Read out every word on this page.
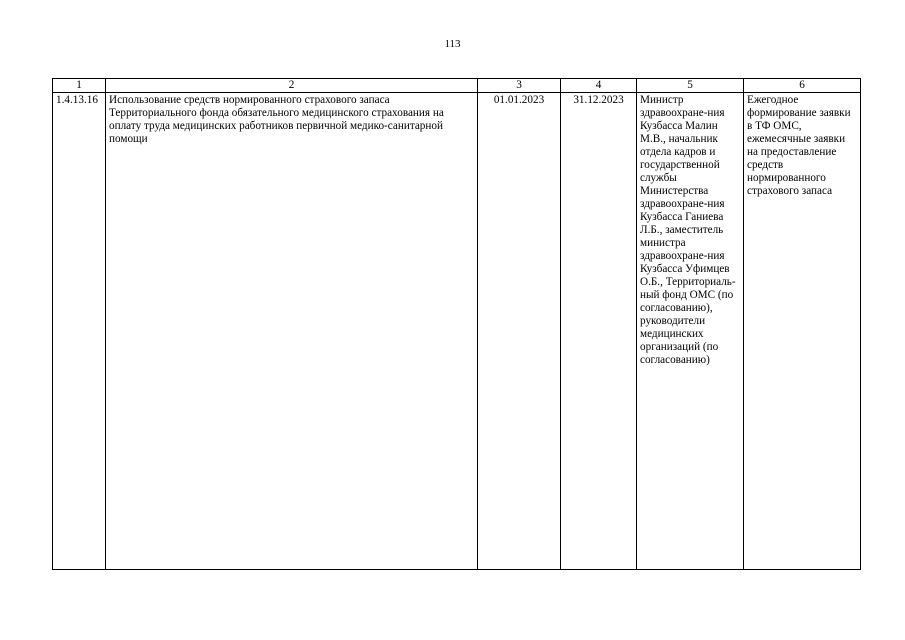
113
1	2	3	4	5	6
1.4.13.16	Использование средств нормированного страхового запаса Территориального фонда обязательного медицинского страхования на оплату труда медицинских работников первичной медико-санитарной помощи	01.01.2023	31.12.2023	Министр здравоохране-ния Кузбасса Малин М.В., начальник отдела кадров и государственной службы Министерства здравоохране-ния Кузбасса Ганиева Л.Б., заместитель министра здравоохране-ния Кузбасса Уфимцев О.Б., Территориаль-ный фонд ОМС (по согласованию), руководители медицинских организаций (по согласованию)	Ежегодное формирование заявки в ТФ ОМС, ежемесячные заявки на предоставление средств нормированного страхового запаса
